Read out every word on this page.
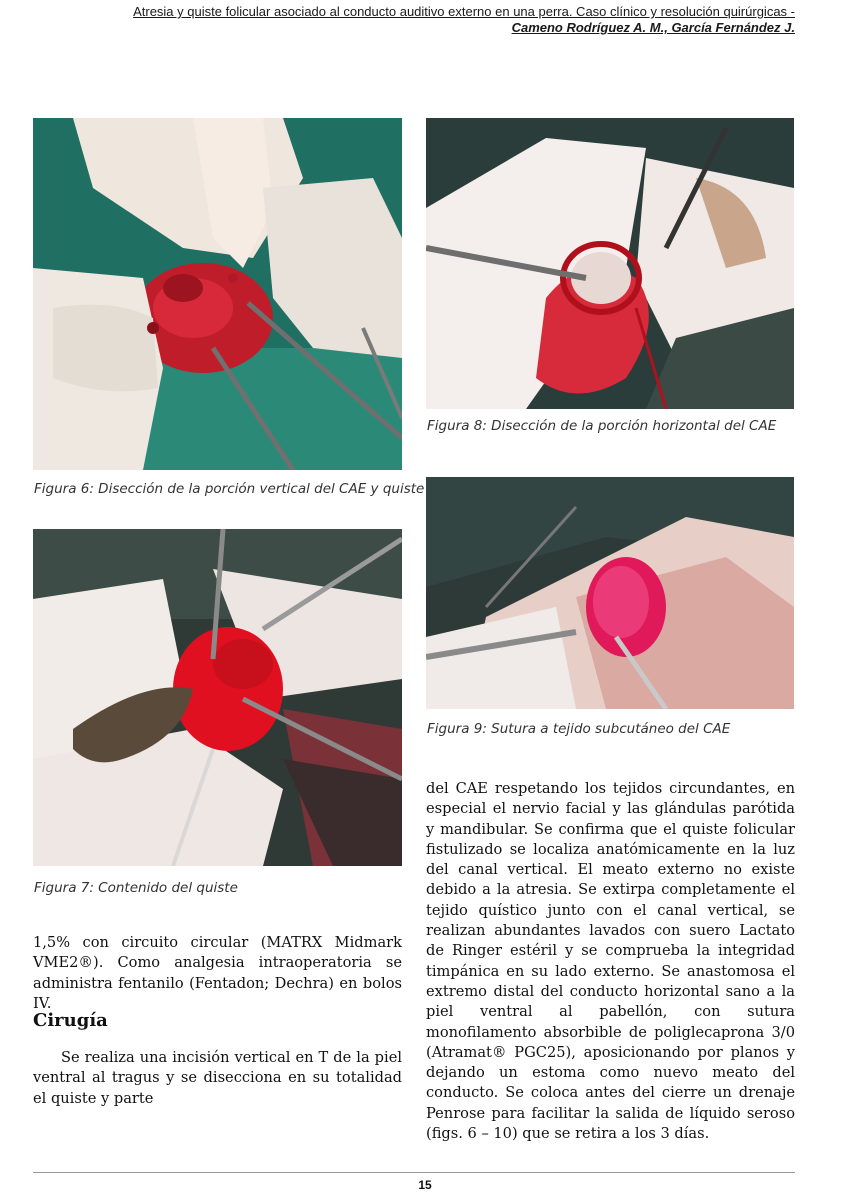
Atresia y quiste folicular asociado al conducto auditivo externo en una perra. Caso clínico y resolución quirúrgicas -
Cameno Rodríguez A. M., García Fernández J.
Figura 6: Disección de la porción vertical del CAE y quiste
Figura 7: Contenido del quiste
Figura 8: Disección de la porción horizontal del CAE
Figura 9: Sutura a tejido subcutáneo del CAE

1,5% con circuito circular (MATRX Midmark VME2®). Como analgesia intraoperatoria se administra fentanilo (Fentadon; Dechra) en bolos IV.

Cirugía

Se realiza una incisión vertical en T de la piel ventral al tragus y se disecciona en su totalidad el quiste y parte

del CAE respetando los tejidos circundantes, en especial el nervio facial y las glándulas parótida y mandibular. Se confirma que el quiste folicular fistulizado se localiza anatómicamente en la luz del canal vertical. El meato externo no existe debido a la atresia. Se extirpa completamente el tejido quístico junto con el canal vertical, se realizan abundantes lavados con suero Lactato de Ringer estéril y se comprueba la integridad timpánica en su lado externo. Se anastomosa el extremo distal del conducto horizontal sano a la piel ventral al pabellón, con sutura monofilamento absorbible de poliglecaprona 3/0 (Atramat® PGC25), aposicionando por planos y dejando un estoma como nuevo meato del conducto. Se coloca antes del cierre un drenaje Penrose para facilitar la salida de líquido seroso (figs. 6 – 10) que se retira a los 3 días.

15
